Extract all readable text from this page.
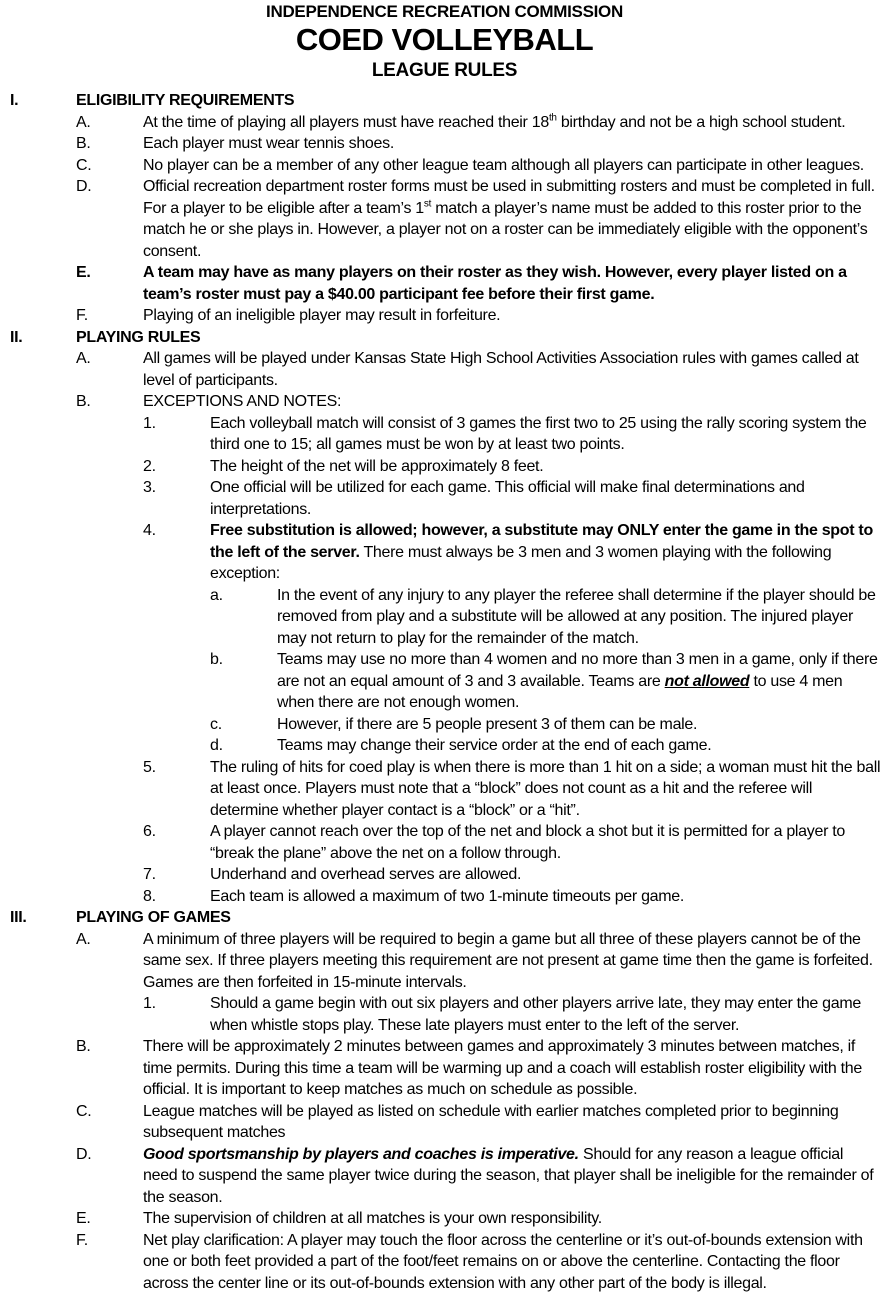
INDEPENDENCE RECREATION COMMISSION
COED VOLLEYBALL
LEAGUE RULES
I.	ELIGIBILITY REQUIREMENTS
A.	At the time of playing all players must have reached their 18th birthday and not be a high school student.
B.	Each player must wear tennis shoes.
C.	No player can be a member of any other league team although all players can participate in other leagues.
D.	Official recreation department roster forms must be used in submitting rosters and must be completed in full. For a player to be eligible after a team’s 1st match a player’s name must be added to this roster prior to the match he or she plays in. However, a player not on a roster can be immediately eligible with the opponent’s consent.
E.	A team may have as many players on their roster as they wish. However, every player listed on a team’s roster must pay a $40.00 participant fee before their first game.
F.	Playing of an ineligible player may result in forfeiture.
II.	PLAYING RULES
A.	All games will be played under Kansas State High School Activities Association rules with games called at level of participants.
B.	EXCEPTIONS AND NOTES:
1.	Each volleyball match will consist of 3 games the first two to 25 using the rally scoring system the third one to 15; all games must be won by at least two points.
2.	The height of the net will be approximately 8 feet.
3.	One official will be utilized for each game. This official will make final determinations and interpretations.
4.	Free substitution is allowed; however, a substitute may ONLY enter the game in the spot to the left of the server. There must always be 3 men and 3 women playing with the following exception:
a.	In the event of any injury to any player the referee shall determine if the player should be removed from play and a substitute will be allowed at any position. The injured player may not return to play for the remainder of the match.
b.	Teams may use no more than 4 women and no more than 3 men in a game, only if there are not an equal amount of 3 and 3 available. Teams are not allowed to use 4 men when there are not enough women.
c.	However, if there are 5 people present 3 of them can be male.
d.	Teams may change their service order at the end of each game.
5.	The ruling of hits for coed play is when there is more than 1 hit on a side; a woman must hit the ball at least once. Players must note that a “block” does not count as a hit and the referee will determine whether player contact is a “block” or a “hit”.
6.	A player cannot reach over the top of the net and block a shot but it is permitted for a player to “break the plane” above the net on a follow through.
7.	Underhand and overhead serves are allowed.
8.	Each team is allowed a maximum of two 1-minute timeouts per game.
III.	PLAYING OF GAMES
A.	A minimum of three players will be required to begin a game but all three of these players cannot be of the same sex. If three players meeting this requirement are not present at game time then the game is forfeited. Games are then forfeited in 15-minute intervals.
1.	Should a game begin with out six players and other players arrive late, they may enter the game when whistle stops play. These late players must enter to the left of the server.
B.	There will be approximately 2 minutes between games and approximately 3 minutes between matches, if time permits. During this time a team will be warming up and a coach will establish roster eligibility with the official. It is important to keep matches as much on schedule as possible.
C.	League matches will be played as listed on schedule with earlier matches completed prior to beginning subsequent matches
D.	Good sportsmanship by players and coaches is imperative. Should for any reason a league official need to suspend the same player twice during the season, that player shall be ineligible for the remainder of the season.
E.	The supervision of children at all matches is your own responsibility.
F.	Net play clarification: A player may touch the floor across the centerline or it’s out-of-bounds extension with one or both feet provided a part of the foot/feet remains on or above the centerline. Contacting the floor across the center line or its out-of-bounds extension with any other part of the body is illegal.
